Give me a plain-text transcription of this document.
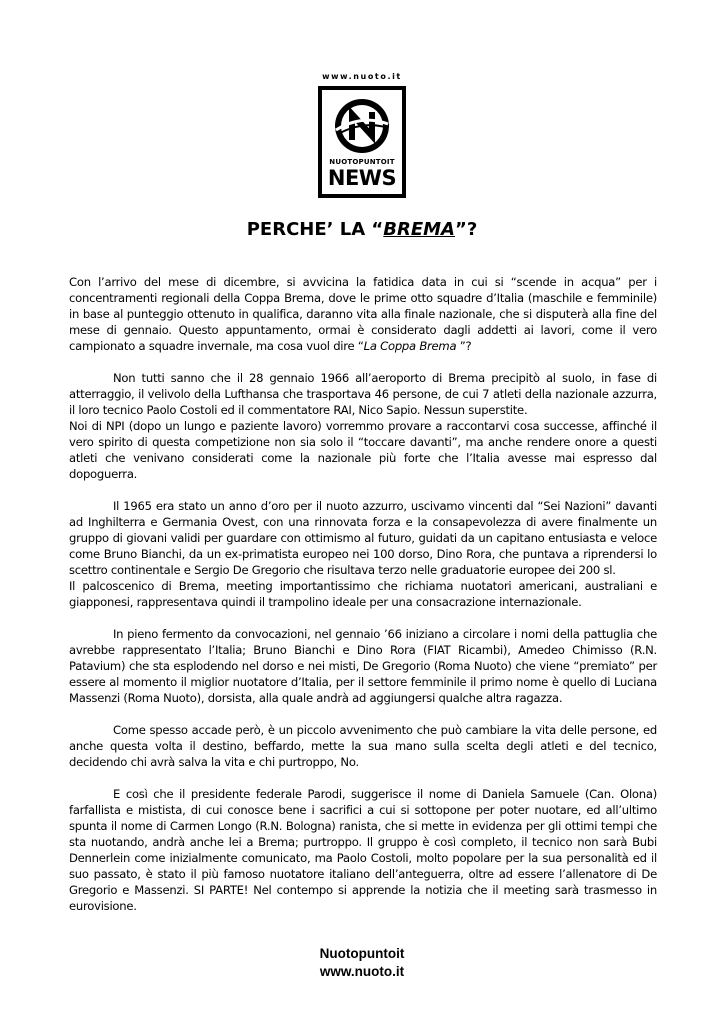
www.nuoto.it
NUOTOPUNTOIT
NEWS
PERCHE’ LA “BREMA”?

Con l’arrivo del mese di dicembre, si avvicina la fatidica data in cui si “scende in acqua” per i concentramenti regionali della Coppa Brema, dove le prime otto squadre d’Italia (maschile e femminile) in base al punteggio ottenuto in qualifica, daranno vita alla finale nazionale, che si disputerà alla fine del mese di gennaio. Questo appuntamento, ormai è considerato dagli addetti ai lavori, come il vero campionato a squadre invernale, ma cosa vuol dire “La Coppa Brema ”?

Non tutti sanno che il 28 gennaio 1966 all’aeroporto di Brema precipitò al suolo, in fase di atterraggio, il velivolo della Lufthansa che trasportava 46 persone, de cui 7 atleti della nazionale azzurra, il loro tecnico Paolo Costoli ed il commentatore RAI, Nico Sapio. Nessun superstite.

Noi di NPI (dopo un lungo e paziente lavoro) vorremmo provare a raccontarvi cosa successe, affinché il vero spirito di questa competizione non sia solo il “toccare davanti”, ma anche rendere onore a questi atleti che venivano considerati come la nazionale più forte che l’Italia avesse mai espresso dal dopoguerra.

Il 1965 era stato un anno d’oro per il nuoto azzurro, uscivamo vincenti dal “Sei Nazioni” davanti ad Inghilterra e Germania Ovest, con una rinnovata forza e la consapevolezza di avere finalmente un gruppo di giovani validi per guardare con ottimismo al futuro, guidati da un capitano entusiasta e veloce come Bruno Bianchi, da un ex-primatista europeo nei 100 dorso, Dino Rora, che puntava a riprendersi lo scettro continentale e Sergio De Gregorio che risultava terzo nelle graduatorie europee dei 200 sl.

Il palcoscenico di Brema, meeting importantissimo che richiama nuotatori americani, australiani e giapponesi, rappresentava quindi il trampolino ideale per una consacrazione internazionale.

In pieno fermento da convocazioni, nel gennaio ’66 iniziano a circolare i nomi della pattuglia che avrebbe rappresentato l’Italia; Bruno Bianchi e Dino Rora (FIAT Ricambi), Amedeo Chimisso (R.N. Patavium) che sta esplodendo nel dorso e nei misti, De Gregorio (Roma Nuoto) che viene “premiato” per essere al momento il miglior nuotatore d’Italia, per il settore femminile il primo nome è quello di Luciana Massenzi (Roma Nuoto), dorsista, alla quale andrà ad aggiungersi qualche altra ragazza.

Come spesso accade però, è un piccolo avvenimento che può cambiare la vita delle persone, ed anche questa volta il destino, beffardo, mette la sua mano sulla scelta degli atleti e del tecnico, decidendo chi avrà salva la vita e chi purtroppo, No.

E così che il presidente federale Parodi, suggerisce il nome di Daniela Samuele (Can. Olona) farfallista e mistista, di cui conosce bene i sacrifici a cui si sottopone per poter nuotare, ed all’ultimo spunta il nome di Carmen Longo (R.N. Bologna) ranista, che si mette in evidenza per gli ottimi tempi che sta nuotando, andrà anche lei a Brema; purtroppo. Il gruppo è così completo, il tecnico non sarà Bubi Dennerlein come inizialmente comunicato, ma Paolo Costoli, molto popolare per la sua personalità ed il suo passato, è stato il più famoso nuotatore italiano dell’anteguerra, oltre ad essere l’allenatore di De Gregorio e Massenzi. SI PARTE! Nel contempo si apprende la notizia che il meeting sarà trasmesso in eurovisione.

Nuotopuntoit
www.nuoto.it
